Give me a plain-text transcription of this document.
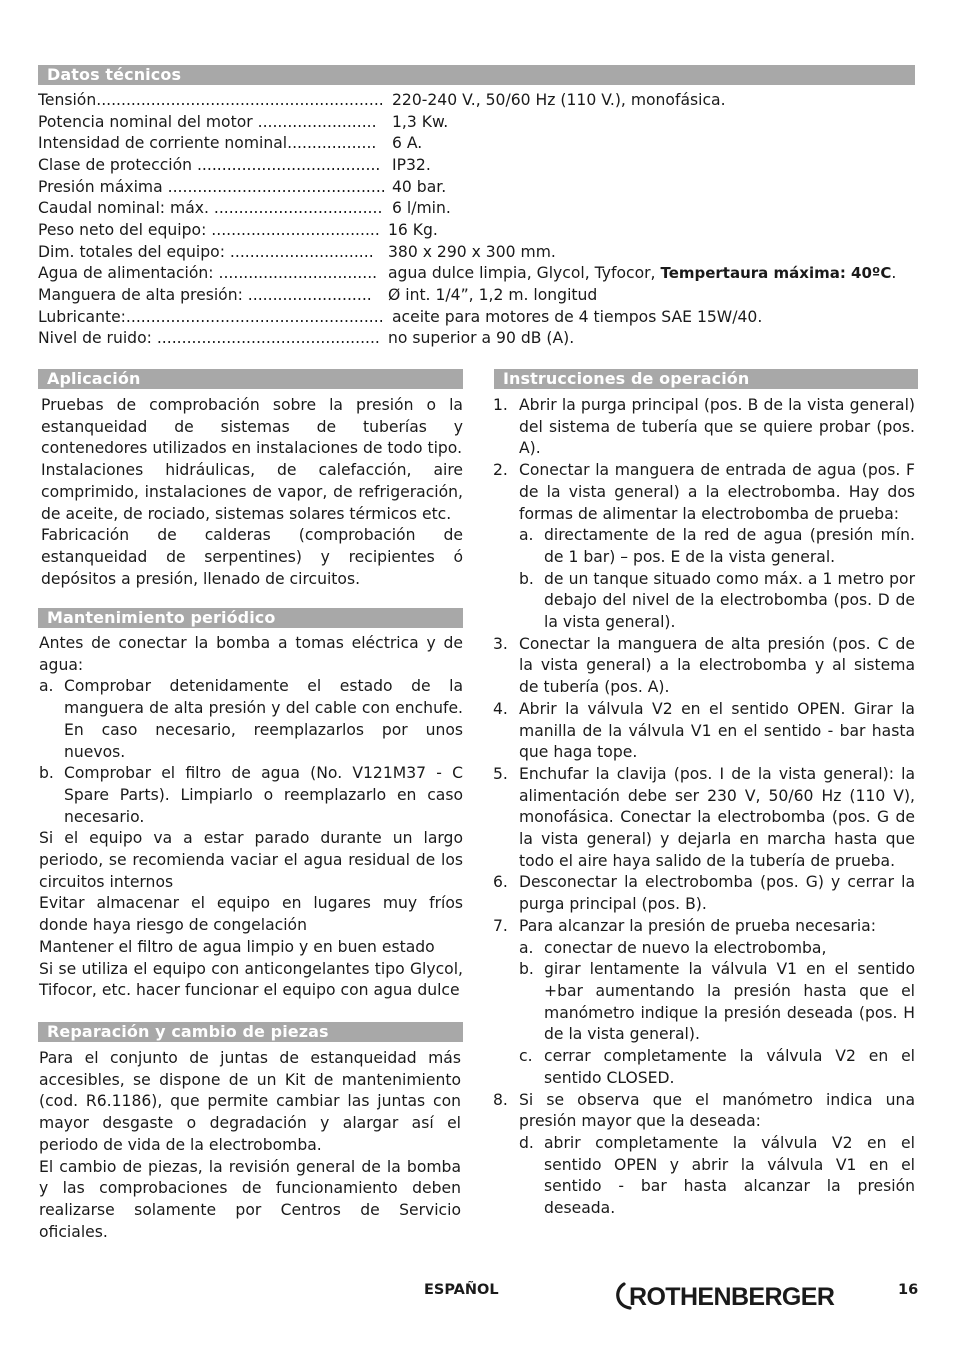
Datos técnicos
Tensión.......................................................... 220-240 V., 50/60 Hz (110 V.), monofásica.
Potencia nominal del motor ........................ 1,3 Kw.
Intensidad de corriente nominal..................	6 A.
Clase de protección ..................................... IP32.
Presión máxima ............................................ 40 bar.
Caudal nominal: máx. .................................. 6 l/min.
Peso neto del equipo: .................................. 16 Kg.
Dim. totales del equipo: ............................. 380 x 290 x 300 mm.
Agua de alimentación: ................................ agua dulce limpia, Glycol, Tyfocor, Tempertaura máxima: 40ºC.
Manguera de alta presión: .........................	Ø int. 1/4”, 1,2 m. longitud
Lubricante:.................................................... aceite para motores de 4 tiempos SAE 15W/40.
Nivel de ruido: ............................................. no superior a 90 dB (A).
Aplicación

Pruebas de comprobación sobre la presión o la estanqueidad de sistemas de tuberías y contenedores utilizados en instalaciones de todo tipo.

Instalaciones hidráulicas, de calefacción, aire comprimido, instalaciones de vapor, de refrigeración, de aceite, de rociado, sistemas solares térmicos etc.

Fabricación de calderas (comprobación de estanqueidad de serpentines) y recipientes ó depósitos a presión, llenado de circuitos.

Mantenimiento periódico

Antes de conectar la bomba a tomas eléctrica y de agua:

a. Comprobar detenidamente el estado de la manguera de alta presión y del cable con enchufe. En caso necesario, reemplazarlos por unos nuevos.
b. Comprobar el filtro de agua (No. V121M37 - C Spare Parts). Limpiarlo o reemplazarlo en caso necesario.

Si el equipo va a estar parado durante un largo periodo, se recomienda vaciar el agua residual de los circuitos internos

Evitar almacenar el equipo en lugares muy fríos donde haya riesgo de congelación

Mantener el filtro de agua limpio y en buen estado

Si se utiliza el equipo con anticongelantes tipo Glycol, Tifocor, etc. hacer funcionar el equipo con agua dulce

Reparación y cambio de piezas

Para el conjunto de juntas de estanqueidad más accesibles, se dispone de un Kit de mantenimiento (cod. R6.1186), que permite cambiar las juntas con mayor desgaste o degradación y alargar así el periodo de vida de la electrobomba.

El cambio de piezas, la revisión general de la bomba y las comprobaciones de funcionamiento deben realizarse solamente por Centros de Servicio oficiales.

Instrucciones de operación
1. Abrir la purga principal (pos. B de la vista general) del sistema de tubería que se quiere probar (pos. A).
2. Conectar la manguera de entrada de agua (pos. F de la vista general) a la electrobomba. Hay dos formas de alimentar la electrobomba de prueba:
a. directamente de la red de agua (presión mín. de 1 bar) – pos. E de la vista general.
b. de un tanque situado como máx. a 1 metro por debajo del nivel de la electrobomba (pos. D de la vista general).
3. Conectar la manguera de alta presión (pos. C de la vista general) a la electrobomba y al sistema de tubería (pos. A).
4. Abrir la válvula V2 en el sentido OPEN. Girar la manilla de la válvula V1 en el sentido - bar hasta que haga tope.
5. Enchufar la clavija (pos. I de la vista general): la alimentación debe ser 230 V, 50/60 Hz (110 V), monofásica. Conectar la electrobomba (pos. G de la vista general) y dejarla en marcha hasta que todo el aire haya salido de la tubería de prueba.
6. Desconectar la electrobomba (pos. G) y cerrar la purga principal (pos. B).
7. Para alcanzar la presión de prueba necesaria:
a. conectar de nuevo la electrobomba,
b. girar lentamente la válvula V1 en el sentido +bar aumentando la presión hasta que el manómetro indique la presión deseada (pos. H de la vista general).
c. cerrar completamente la válvula V2 en el sentido CLOSED.
8. Si se observa que el manómetro indica una presión mayor que la deseada:
d. abrir completamente la válvula V2 en el sentido OPEN y abrir la válvula V1 en el sentido - bar hasta alcanzar la presión deseada.
ESPAÑOL	ROTHENBERGER	16
